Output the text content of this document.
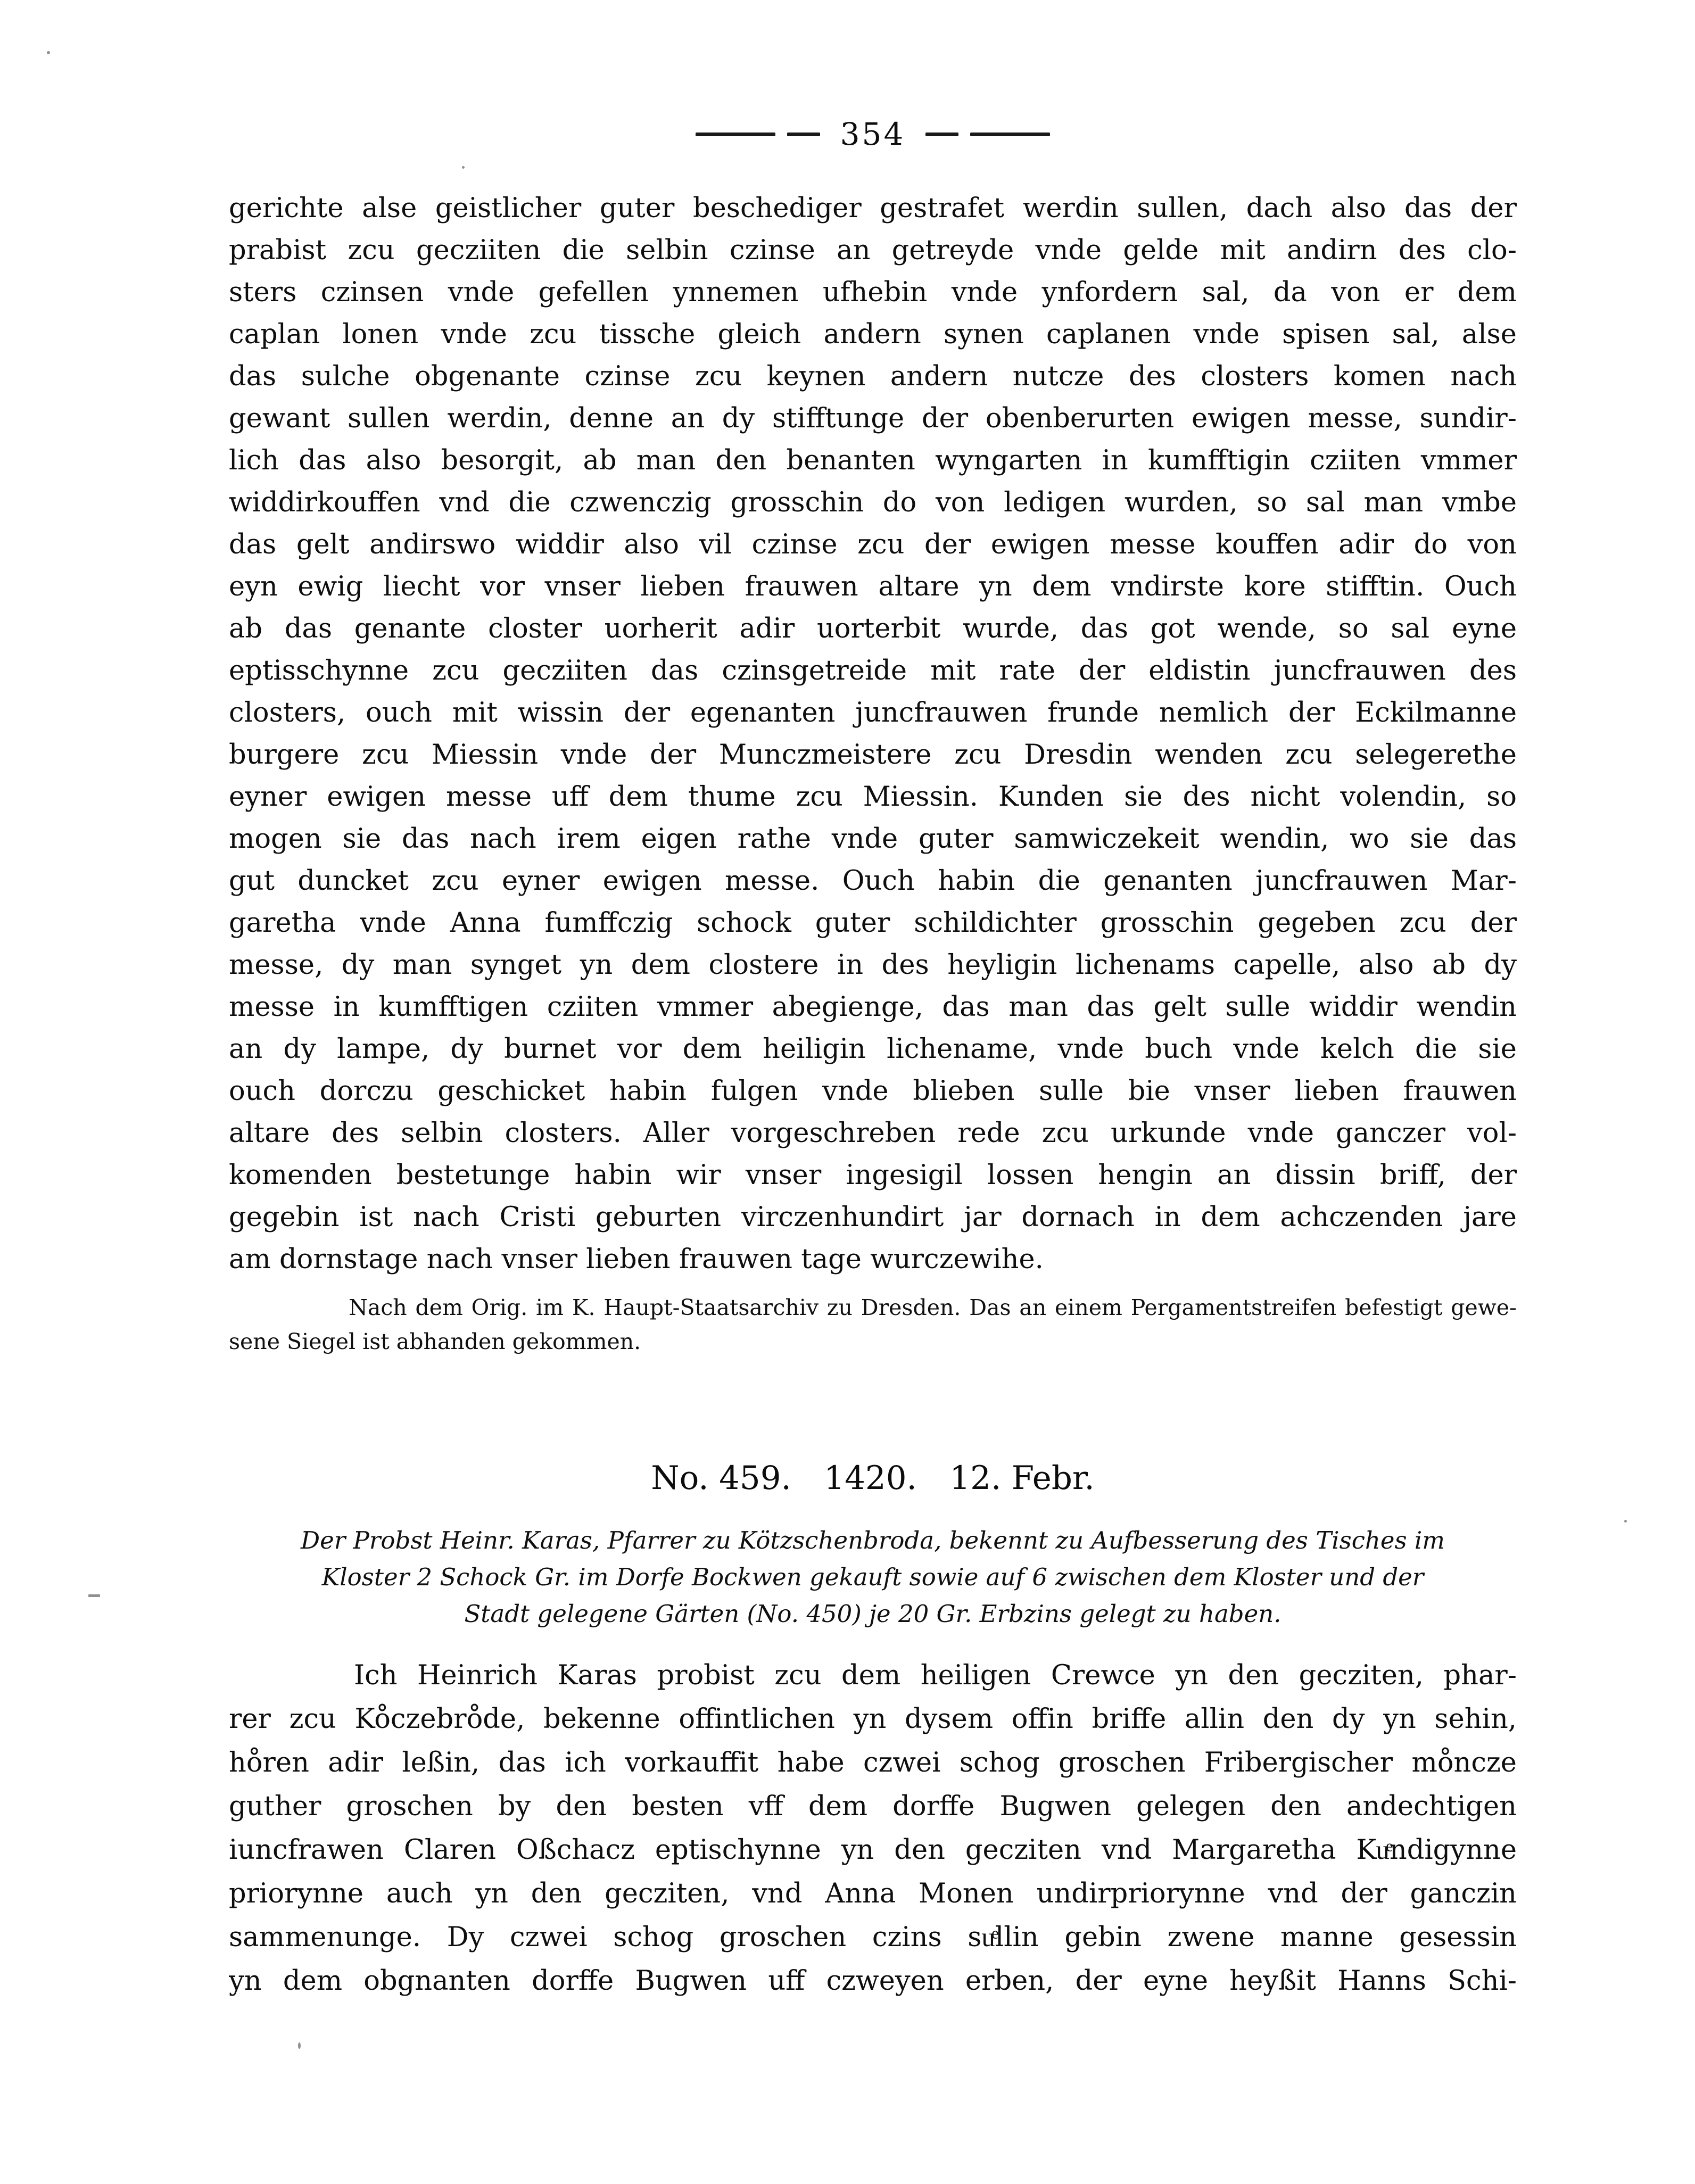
354
gerichte alse geistlicher guter beschediger gestrafet werdin sullen, dach also das der
prabist zcu gecziiten die selbin czinse an getreyde vnde gelde mit andirn des clo-
sters czinsen vnde gefellen ynnemen ufhebin vnde ynfordern sal, da von er dem
caplan lonen vnde zcu tissche gleich andern synen caplanen vnde spisen sal, alse
das sulche obgenante czinse zcu keynen andern nutcze des closters komen nach
gewant sullen werdin, denne an dy stifftunge der obenberurten ewigen messe, sundir-
lich das also besorgit, ab man den benanten wyngarten in kumfftigin cziiten vmmer
widdirkouffen vnd die czwenczig grosschin do von ledigen wurden, so sal man vmbe
das gelt andirswo widdir also vil czinse zcu der ewigen messe kouffen adir do von
eyn ewig liecht vor vnser lieben frauwen altare yn dem vndirste kore stifftin. Ouch
ab das genante closter uorherit adir uorterbit wurde, das got wende, so sal eyne
eptisschynne zcu gecziiten das czinsgetreide mit rate der eldistin juncfrauwen des
closters, ouch mit wissin der egenanten juncfrauwen frunde nemlich der Eckilmanne
burgere zcu Miessin vnde der Munczmeistere zcu Dresdin wenden zcu selegerethe
eyner ewigen messe uff dem thume zcu Miessin. Kunden sie des nicht volendin, so
mogen sie das nach irem eigen rathe vnde guter samwiczekeit wendin, wo sie das
gut duncket zcu eyner ewigen messe. Ouch habin die genanten juncfrauwen Mar-
garetha vnde Anna fumffczig schock guter schildichter grosschin gegeben zcu der
messe, dy man synget yn dem clostere in des heyligin lichenams capelle, also ab dy
messe in kumfftigen cziiten vmmer abegienge, das man das gelt sulle widdir wendin
an dy lampe, dy burnet vor dem heiligin lichename, vnde buch vnde kelch die sie
ouch dorczu geschicket habin fulgen vnde blieben sulle bie vnser lieben frauwen
altare des selbin closters. Aller vorgeschreben rede zcu urkunde vnde ganczer vol-
komenden bestetunge habin wir vnser ingesigil lossen hengin an dissin briff, der
gegebin ist nach Cristi geburten virczenhundirt jar dornach in dem achczenden jare
am dornstage nach vnser lieben frauwen tage wurczewihe.
Nach dem Orig. im K. Haupt-Staatsarchiv zu Dresden. Das an einem Pergamentstreifen befestigt gewe-
sene Siegel ist abhanden gekommen.
No. 459. 1420. 12. Febr.
Der Probst Heinr. Karas, Pfarrer zu Kötzschenbroda, bekennt zu Aufbesserung des Tisches im
Kloster 2 Schock Gr. im Dorfe Bockwen gekauft sowie auf 6 zwischen dem Kloster und der
Stadt gelegene Gärten (No. 450) je 20 Gr. Erbzins gelegt zu haben.
Ich Heinrich Karas probist zcu dem heiligen Crewce yn den gecziten, phar-
rer zcu Ko̊czebro̊de, bekenne offintlichen yn dysem offin briffe allin den dy yn sehin,
ho̊ren adir leßin, das ich vorkauffit habe czwei schog groschen Fribergischer mo̊ncze
guther groschen by den besten vff dem dorffe Bugwen gelegen den andechtigen
iuncfrawen Claren Oßchacz eptischynne yn den gecziten vnd Margaretha Kuͤndigynne
priorynne auch yn den gecziten, vnd Anna Monen undirpriorynne vnd der ganczin
sammenunge. Dy czwei schog groschen czins suͤllin gebin zwene manne gesessin
yn dem obgnanten dorffe Bugwen uff czweyen erben, der eyne heyßit Hanns Schi-
